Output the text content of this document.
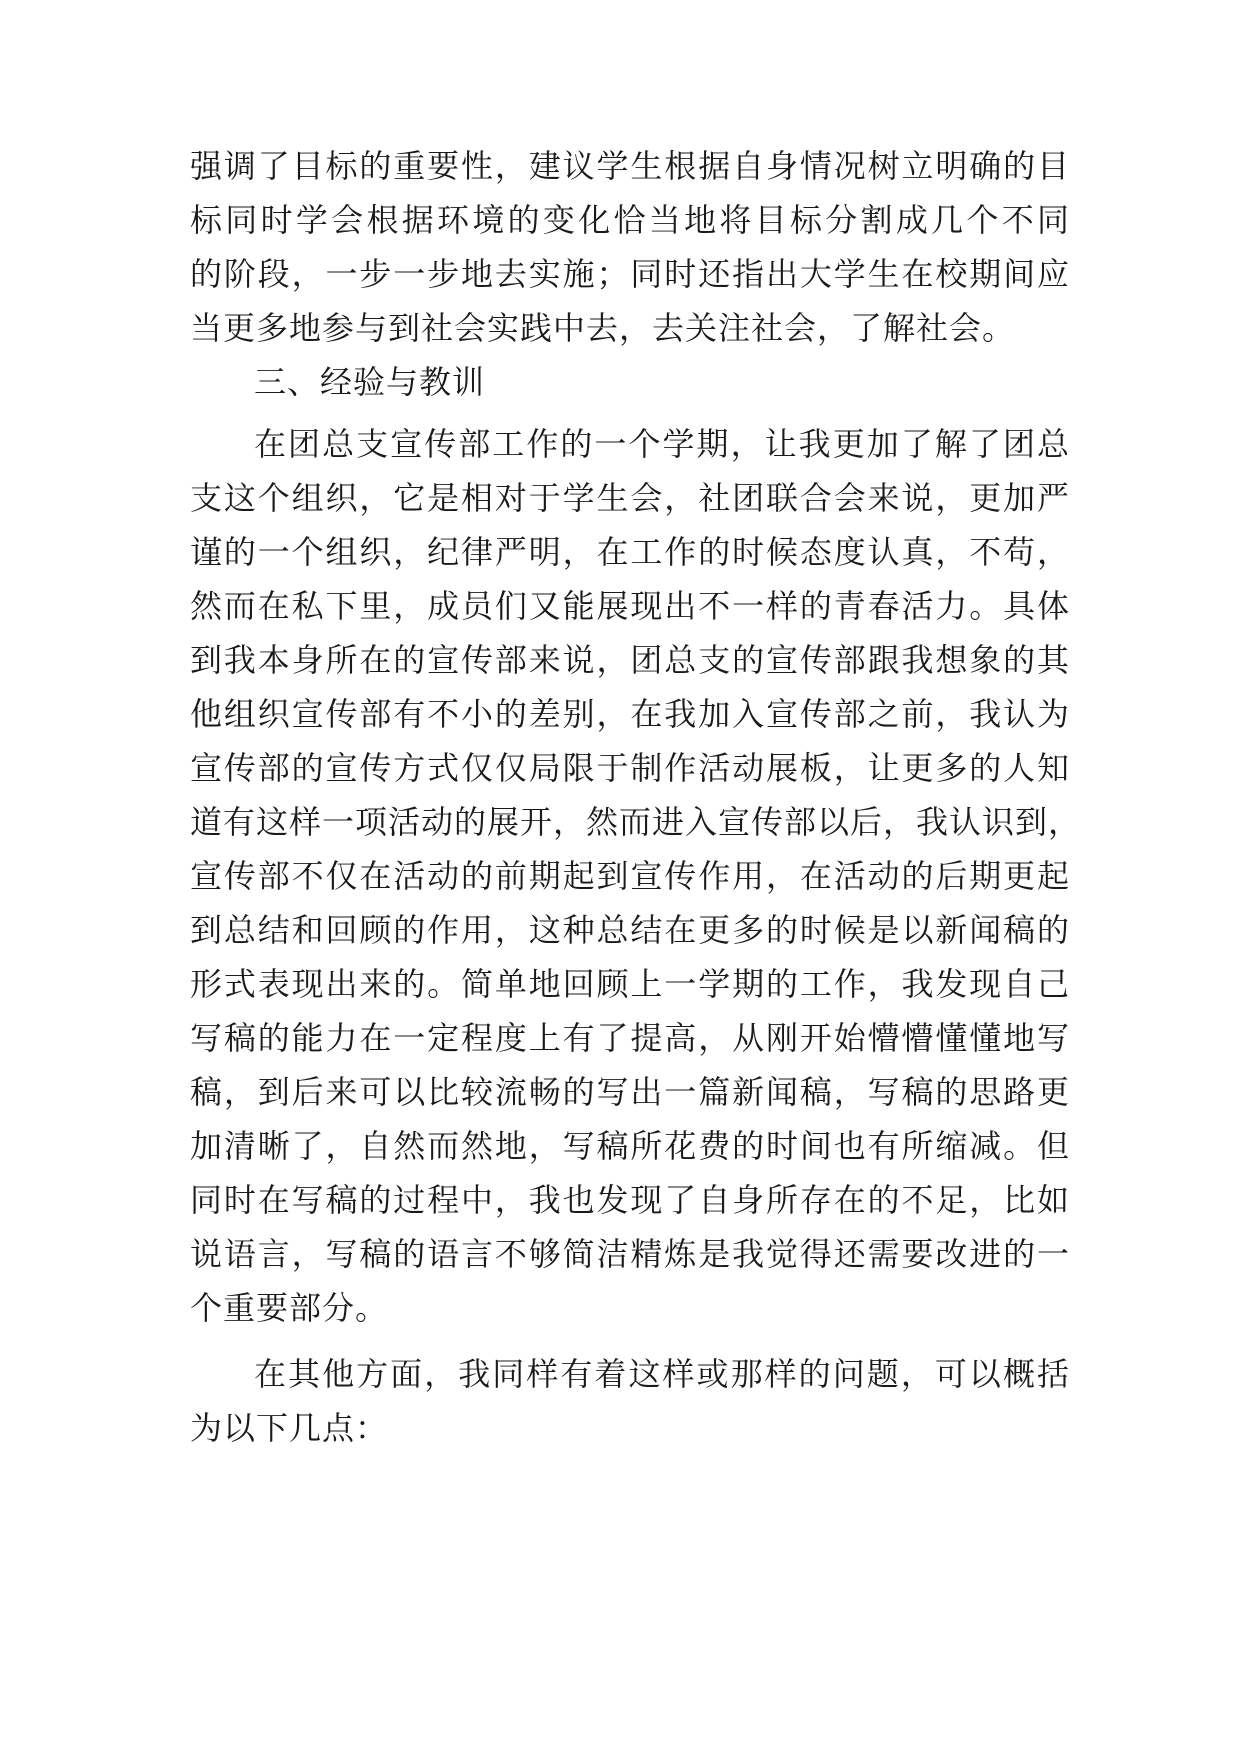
强调了目标的重要性，建议学生根据自身情况树立明确的目
标同时学会根据环境的变化恰当地将目标分割成几个不同
的阶段，一步一步地去实施；同时还指出大学生在校期间应
当更多地参与到社会实践中去，去关注社会，了解社会。
三、经验与教训
在团总支宣传部工作的一个学期，让我更加了解了团总
支这个组织，它是相对于学生会，社团联合会来说，更加严
谨的一个组织，纪律严明，在工作的时候态度认真，不苟，
然而在私下里，成员们又能展现出不一样的青春活力。具体
到我本身所在的宣传部来说，团总支的宣传部跟我想象的其
他组织宣传部有不小的差别，在我加入宣传部之前，我认为
宣传部的宣传方式仅仅局限于制作活动展板，让更多的人知
道有这样一项活动的展开，然而进入宣传部以后，我认识到，
宣传部不仅在活动的前期起到宣传作用，在活动的后期更起
到总结和回顾的作用，这种总结在更多的时候是以新闻稿的
形式表现出来的。简单地回顾上一学期的工作，我发现自己
写稿的能力在一定程度上有了提高，从刚开始懵懵懂懂地写
稿，到后来可以比较流畅的写出一篇新闻稿，写稿的思路更
加清晰了，自然而然地，写稿所花费的时间也有所缩减。但
同时在写稿的过程中，我也发现了自身所存在的不足，比如
说语言，写稿的语言不够简洁精炼是我觉得还需要改进的一
个重要部分。
在其他方面，我同样有着这样或那样的问题，可以概括
为以下几点：
